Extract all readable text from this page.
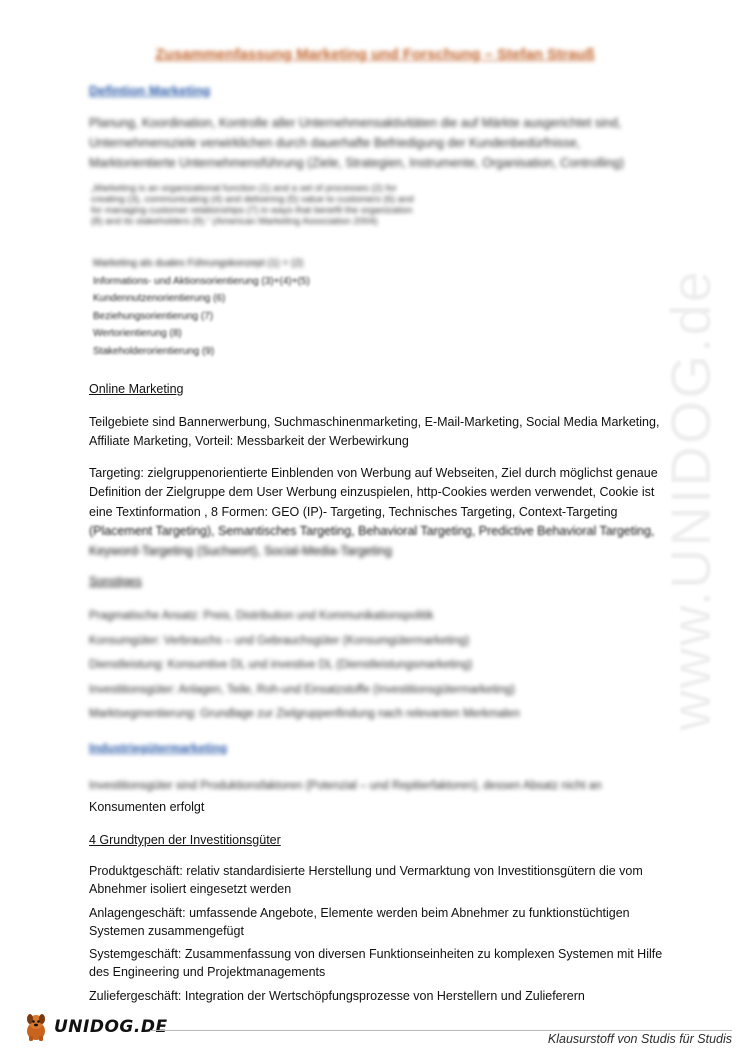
www.UNIDOG.de
Zusammenfassung Marketing und Forschung – Stefan Strauß
Defintion Marketing
Planung, Koordination, Kontrolle aller Unternehmensaktivitäten die auf Märkte ausgerichtet sind, Unternehmensziele verwirklichen durch dauerhafte Befriedigung der Kundenbedürfnisse, Marktorientierte Unternehmensführung (Ziele, Strategien, Instrumente, Organisation, Controlling)
„Marketing is an organizational function (1) and a set of processes (2) for creating (3), communicating (4) and delivering (5) value to customers (6) and for managing customer relationships (7) in ways that benefit the organization (8) and its stakeholders (9).“ (American Marketing Association 2004)
Marketing als duales Führungskonzept (1) + (2)
Informations- und Aktionsorientierung (3)+(4)+(5)
Kundennutzenorientierung (6)
Beziehungsorientierung (7)
Wertorientierung (8)
Stakeholderorientierung (9)
Online Marketing
Teilgebiete sind Bannerwerbung, Suchmaschinenmarketing, E-Mail-Marketing, Social Media Marketing, Affiliate Marketing, Vorteil: Messbarkeit der Werbewirkung
Targeting: zielgruppenorientierte Einblenden von Werbung auf Webseiten, Ziel durch möglichst genaue
Definition der Zielgruppe dem User Werbung einzuspielen, http-Cookies werden verwendet, Cookie ist
eine Textinformation , 8 Formen: GEO (IP)- Targeting, Technisches Targeting, Context-Targeting
(Placement Targeting), Semantisches Targeting, Behavioral Targeting, Predictive Behavioral Targeting,
Keyword-Targeting (Suchwort), Social-Media-Targeting
Sonstiges
Pragmatische Ansatz: Preis, Distribution und Kommunikationspolitik
Konsumgüter: Verbrauchs – und Gebrauchsgüter (Konsumgütermarketing)
Dienstleistung: Konsumtive DL und investive DL (Dienstleistungsmarketing)
Investitionsgüter: Anlagen, Teile, Roh-und Einsatzstoffe (Investitionsgütermarketing)
Marktsegmentierung: Grundlage zur Zielgruppenfindung nach relevanten Merkmalen
Industriegütermarketing
Investitionsgüter sind Produktionsfaktoren (Potenzial – und Repitierfaktoren), dessen Absatz nicht an
Konsumenten erfolgt
4 Grundtypen der Investitionsgüter
Produktgeschäft: relativ standardisierte Herstellung und Vermarktung von Investitionsgütern die vom Abnehmer isoliert eingesetzt werden
Anlagengeschäft: umfassende Angebote, Elemente werden beim Abnehmer zu funktionstüchtigen Systemen zusammengefügt
Systemgeschäft: Zusammenfassung von diversen Funktionseinheiten zu komplexen Systemen mit Hilfe des Engineering und Projektmanagements
Zuliefergeschäft: Integration der Wertschöpfungsprozesse von Herstellern und Zulieferern
UNIDOG.DE
Klausurstoff von Studis für Studis
